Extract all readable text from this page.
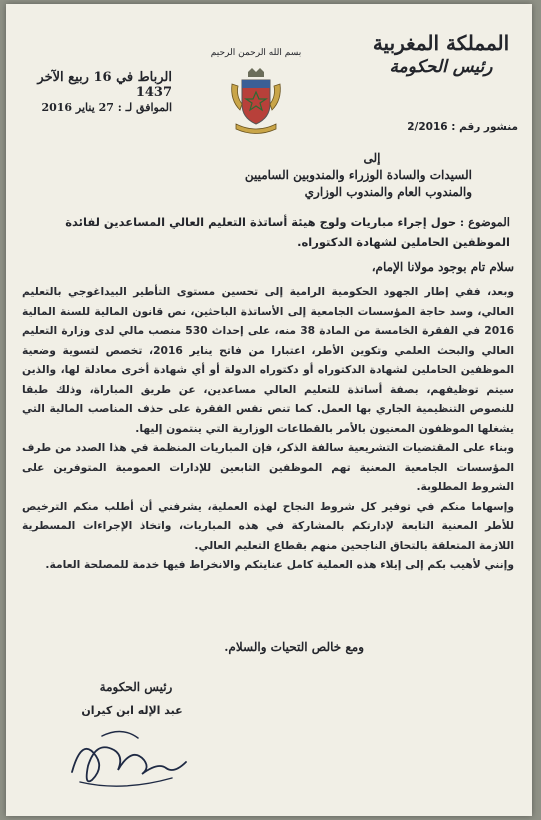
المملكة المغربية
رئيس الحكومة
بسم الله الرحمن الرحيم
الرباط في 16 ربيع الآخر 1437
الموافق لـ : 27 يناير 2016
منشور رقم : 2/2016
إلى
السيدات والسادة الوزراء والمندوبين الساميين
والمندوب العام والمندوب الوزاري
الموضوع : حول إجراء مباريات ولوج هيئة أساتذة التعليم العالي المساعدين لفائدة الموظفين الحاملين لشهادة الدكتوراه.
سلام تام بوجود مولانا الإمام،

وبعد، ففي إطار الجهود الحكومية الرامية إلى تحسين مستوى التأطير البيداغوجي بالتعليم العالي، وسد حاجة المؤسسات الجامعية إلى الأساتذة الباحثين، نص قانون المالية للسنة المالية 2016 في الفقرة الخامسة من المادة 38 منه، على إحداث 530 منصب مالي لدى وزارة التعليم العالي والبحث العلمي وتكوين الأطر، اعتبارا من فاتح يناير 2016، تخصص لتسوية وضعية الموظفين الحاملين لشهادة الدكتوراه أو دكتوراه الدولة أو أي شهادة أخرى معادلة لها، والذين سيتم توظيفهم، بصفة أساتذة للتعليم العالي مساعدين، عن طريق المباراة، وذلك طبقا للنصوص التنظيمية الجاري بها العمل. كما تنص نفس الفقرة على حذف المناصب المالية التي يشغلها الموظفون المعنيون بالأمر بالقطاعات الوزارية التي ينتمون إليها.

وبناء على المقتضيات التشريعية سالفة الذكر، فإن المباريات المنظمة في هذا الصدد من طرف المؤسسات الجامعية المعنية تهم الموظفين التابعين للإدارات العمومية المتوفرين على الشروط المطلوبة.

وإسهاما منكم في توفير كل شروط النجاح لهذه العملية، يشرفني أن أطلب منكم الترخيص للأطر المعنية التابعة لإدارتكم بالمشاركة في هذه المباريات، واتخاذ الإجراءات المسطرية اللازمة المتعلقة بالتحاق الناجحين منهم بقطاع التعليم العالي.

وإنني لأهيب بكم إلى إيلاء هذه العملية كامل عنايتكم والانخراط فيها خدمة للمصلحة العامة.

ومع خالص التحيات والسلام.
رئيس الحكومة
عبد الإله ابن كيران
